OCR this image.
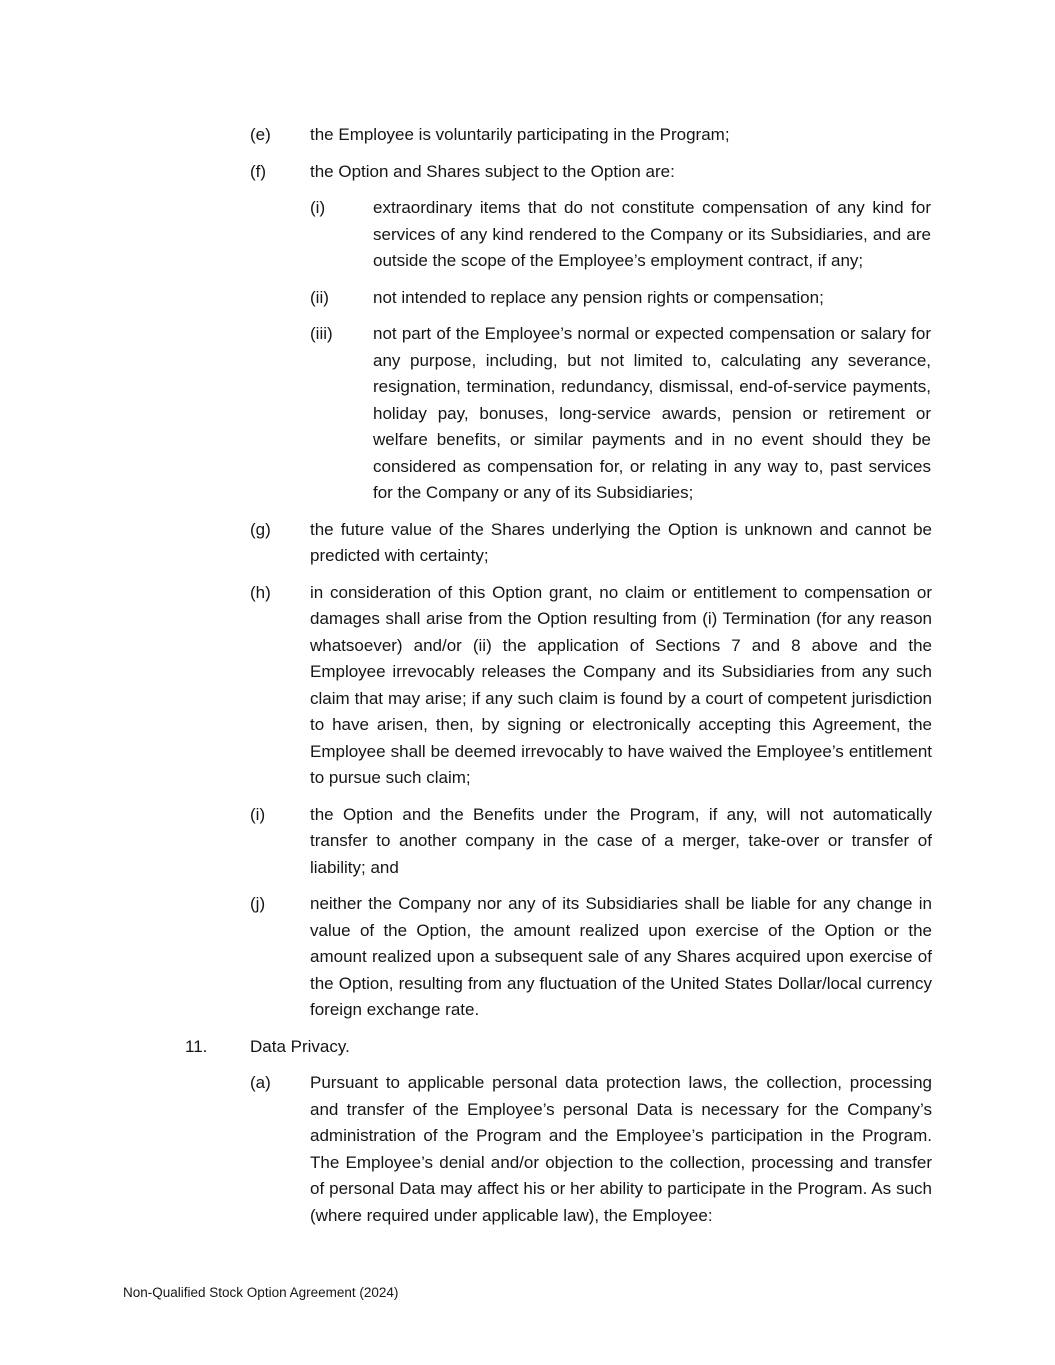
(e)	the Employee is voluntarily participating in the Program;

(f)	the Option and Shares subject to the Option are:

(i)	extraordinary items that do not constitute compensation of any kind for services of any kind rendered to the Company or its Subsidiaries, and are outside the scope of the Employee’s employment contract, if any;

(ii)	not intended to replace any pension rights or compensation;

(iii)	not part of the Employee’s normal or expected compensation or salary for any purpose, including, but not limited to, calculating any severance, resignation, termination, redundancy, dismissal, end-of-service payments, holiday pay, bonuses, long-service awards, pension or retirement or welfare benefits, or similar payments and in no event should they be considered as compensation for, or relating in any way to, past services for the Company or any of its Subsidiaries;

(g)	the future value of the Shares underlying the Option is unknown and cannot be predicted with certainty;

(h)	in consideration of this Option grant, no claim or entitlement to compensation or damages shall arise from the Option resulting from (i) Termination (for any reason whatsoever) and/or (ii) the application of Sections 7 and 8 above and the Employee irrevocably releases the Company and its Subsidiaries from any such claim that may arise; if any such claim is found by a court of competent jurisdiction to have arisen, then, by signing or electronically accepting this Agreement, the Employee shall be deemed irrevocably to have waived the Employee’s entitlement to pursue such claim;

(i)	the Option and the Benefits under the Program, if any, will not automatically transfer to another company in the case of a merger, take-over or transfer of liability; and

(j)	neither the Company nor any of its Subsidiaries shall be liable for any change in value of the Option, the amount realized upon exercise of the Option or the amount realized upon a subsequent sale of any Shares acquired upon exercise of the Option, resulting from any fluctuation of the United States Dollar/local currency foreign exchange rate.

11.	Data Privacy.

(a)	Pursuant to applicable personal data protection laws, the collection, processing and transfer of the Employee’s personal Data is necessary for the Company’s administration of the Program and the Employee’s participation in the Program. The Employee’s denial and/or objection to the collection, processing and transfer of personal Data may affect his or her ability to participate in the Program. As such (where required under applicable law), the Employee:

Non-Qualified Stock Option Agreement (2024)
